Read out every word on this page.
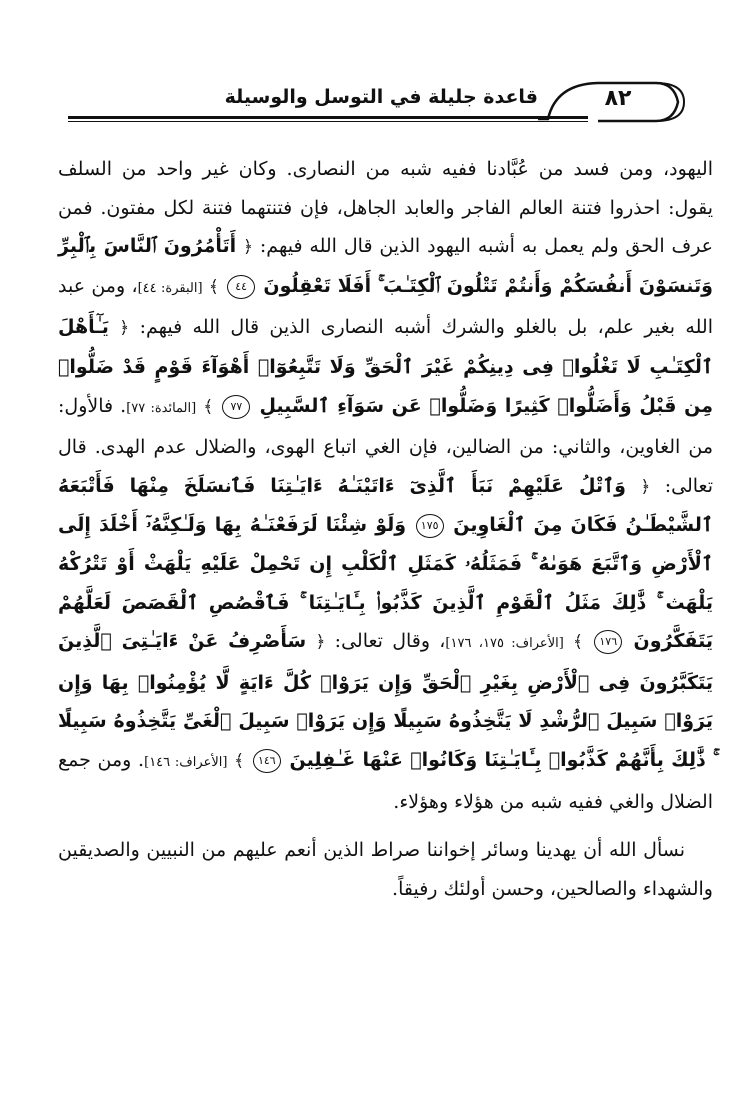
قاعدة جليلة في التوسل والوسيلة	٨٢

اليهود، ومن فسد من عُبَّادنا ففيه شبه من النصارى. وكان غير واحد من السلف يقول: احذروا فتنة العالم الفاجر والعابد الجاهل، فإن فتنتهما فتنة لكل مفتون. فمن عرف الحق ولم يعمل به أشبه اليهود الذين قال الله فيهم: ﴿ أَتَأْمُرُونَ ٱلنَّاسَ بِٱلْبِرِّ وَتَنسَوْنَ أَنفُسَكُمْ وَأَنتُمْ تَتْلُونَ ٱلْكِتَـٰبَ ۚ أَفَلَا تَعْقِلُونَ ٤٤ ﴾ [البقرة: ٤٤]، ومن عبد الله بغير علم، بل بالغلو والشرك أشبه النصارى الذين قال الله فيهم: ﴿ يَـٰٓأَهْلَ ٱلْكِتَـٰبِ لَا تَغْلُوا۟ فِى دِينِكُمْ غَيْرَ ٱلْحَقِّ وَلَا تَتَّبِعُوٓا۟ أَهْوَآءَ قَوْمٍ قَدْ ضَلُّوا۟ مِن قَبْلُ وَأَضَلُّوا۟ كَثِيرًا وَضَلُّوا۟ عَن سَوَآءِ ٱلسَّبِيلِ ٧٧ ﴾ [المائدة: ٧٧]. فالأول: من الغاوين، والثاني: من الضالين، فإن الغي اتباع الهوى، والضلال عدم الهدى. قال تعالى: ﴿ وَٱتْلُ عَلَيْهِمْ نَبَأَ ٱلَّذِىٓ ءَاتَيْنَـٰهُ ءَايَـٰتِنَا فَٱنسَلَخَ مِنْهَا فَأَتْبَعَهُ ٱلشَّيْطَـٰنُ فَكَانَ مِنَ ٱلْغَاوِينَ ١٧٥ وَلَوْ شِئْنَا لَرَفَعْنَـٰهُ بِهَا وَلَـٰكِنَّهُۥٓ أَخْلَدَ إِلَى ٱلْأَرْضِ وَٱتَّبَعَ هَوَىٰهُ ۚ فَمَثَلُهُۥ كَمَثَلِ ٱلْكَلْبِ إِن تَحْمِلْ عَلَيْهِ يَلْهَثْ أَوْ تَتْرُكْهُ يَلْهَث ۚ ذَّٰلِكَ مَثَلُ ٱلْقَوْمِ ٱلَّذِينَ كَذَّبُوا۟ بِـَٔايَـٰتِنَا ۚ فَٱقْصُصِ ٱلْقَصَصَ لَعَلَّهُمْ يَتَفَكَّرُونَ ١٧٦ ﴾ [الأعراف: ١٧٥، ١٧٦]، وقال تعالى: ﴿ سَأَصْرِفُ عَنْ ءَايَـٰتِىَ ٱلَّذِينَ يَتَكَبَّرُونَ فِى ٱلْأَرْضِ بِغَيْرِ ٱلْحَقِّ وَإِن يَرَوْا۟ كُلَّ ءَايَةٍ لَّا يُؤْمِنُوا۟ بِهَا وَإِن يَرَوْا۟ سَبِيلَ ٱلرُّشْدِ لَا يَتَّخِذُوهُ سَبِيلًا وَإِن يَرَوْا۟ سَبِيلَ ٱلْغَىِّ يَتَّخِذُوهُ سَبِيلًا ۚ ذَّٰلِكَ بِأَنَّهُمْ كَذَّبُوا۟ بِـَٔايَـٰتِنَا وَكَانُوا۟ عَنْهَا غَـٰفِلِينَ ١٤٦ ﴾ [الأعراف: ١٤٦]. ومن جمع الضلال والغي ففيه شبه من هؤلاء وهؤلاء.

نسأل الله أن يهدينا وسائر إخواننا صراط الذين أنعم عليهم من النبيين والصديقين والشهداء والصالحين، وحسن أولئك رفيقاً.
